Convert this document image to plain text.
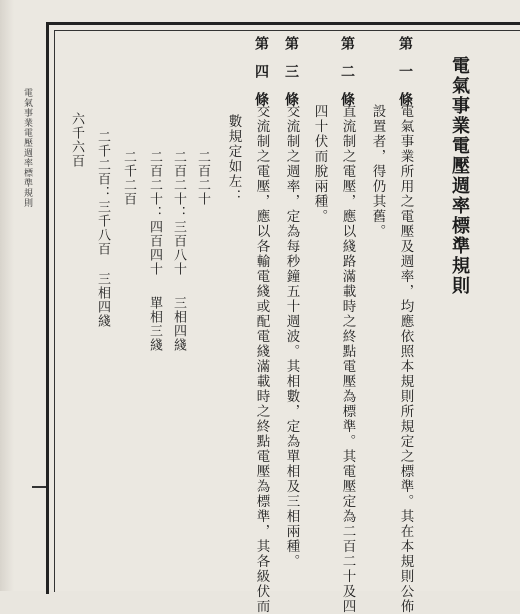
電氣事業電壓週率標準規則	電氣事業電壓週率標準規則
第一條
電氣事業所用之電壓及週率，均應依照本規則所規定之標準。其在本規則公佈
設置者，得仍其舊。
第二條
直流制之電壓，應以綫路滿載時之終點電壓為標準。其電壓定為二百二十及四
四十伏而脫兩種。
第三條
交流制之週率，定為每秒鐘五十週波。其相數，定為單相及三相兩種。
第四條
交流制之電壓，應以各輸電綫或配電綫滿載時之終點電壓為標準，其各級伏而
數規定如左：
二百二十
二百二十：三百八十
三相四綫
二百二十：四百四十
單相三綫
二千二百
二千二百：三千八百
三相四綫
六千六百
